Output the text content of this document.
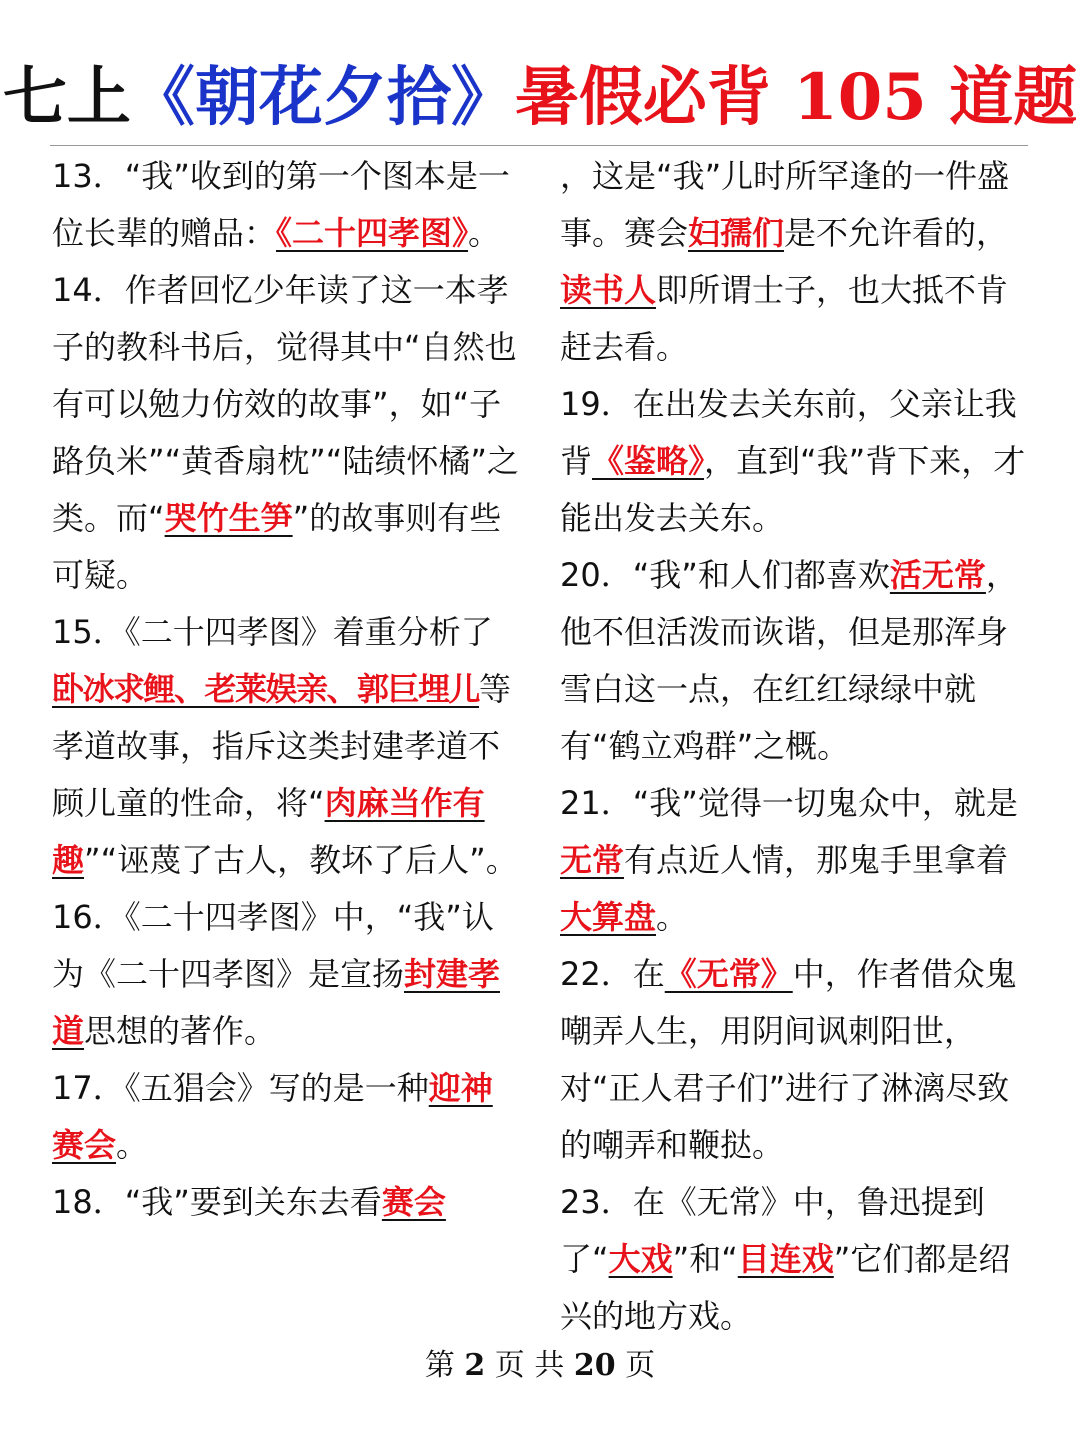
七上《朝花夕拾》暑假必背 105 道题

13．“我”收到的第一个图本是一位长辈的赠品：《二十四孝图》。

14．作者回忆少年读了这一本孝子的教科书后，觉得其中“自然也有可以勉力仿效的故事”，如“子路负米”“黄香扇枕”“陆绩怀橘”之类。而“哭竹生笋”的故事则有些可疑。

15．《二十四孝图》着重分析了卧冰求鲤、老莱娱亲、郭巨埋儿等孝道故事，指斥这类封建孝道不顾儿童的性命，将“肉麻当作有趣”“诬蔑了古人，教坏了后人”。

16．《二十四孝图》中，“我”认为《二十四孝图》是宣扬封建孝道思想的著作。

17．《五猖会》写的是一种迎神赛会。

18．“我”要到关东去看赛会

，这是“我”儿时所罕逢的一件盛事。赛会妇孺们是不允许看的，读书人即所谓士子，也大抵不肯赶去看。

19．在出发去关东前，父亲让我背《鉴略》，直到“我”背下来，才能出发去关东。

20．“我”和人们都喜欢活无常，他不但活泼而诙谐，但是那浑身雪白这一点，在红红绿绿中就有“鹤立鸡群”之概。

21．“我”觉得一切鬼众中，就是无常有点近人情，那鬼手里拿着大算盘。

22．在《无常》中，作者借众鬼嘲弄人生，用阴间讽刺阳世，对“正人君子们”进行了淋漓尽致的嘲弄和鞭挞。

23．在《无常》中，鲁迅提到了“大戏”和“目连戏”它们都是绍兴的地方戏。

第 2 页 共 20 页
